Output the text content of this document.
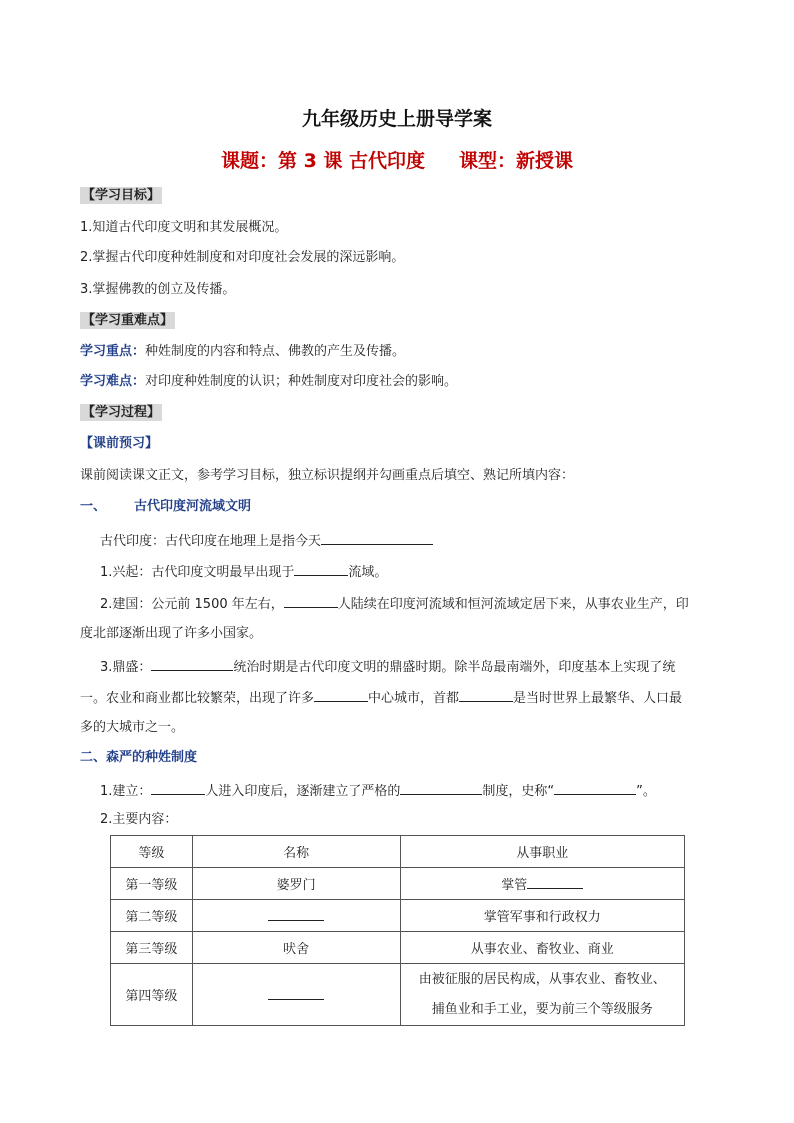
九年级历史上册导学案
课题：第 3 课 古代印度 课型：新授课
【学习目标】
1.知道古代印度文明和其发展概况。
2.掌握古代印度种姓制度和对印度社会发展的深远影响。
3.掌握佛教的创立及传播。
【学习重难点】
学习重点：种姓制度的内容和特点、佛教的产生及传播。
学习难点：对印度种姓制度的认识；种姓制度对印度社会的影响。
【学习过程】
【课前预习】
课前阅读课文正文，参考学习目标，独立标识提纲并勾画重点后填空、熟记所填内容：
一、 古代印度河流域文明
古代印度：古代印度在地理上是指今天
1.兴起：古代印度文明最早出现于	流域。
2.建国：公元前 1500 年左右，	人陆续在印度河流域和恒河流域定居下来，从事农业生产，印
度北部逐渐出现了许多小国家。
3.鼎盛：	统治时期是古代印度文明的鼎盛时期。除半岛最南端外，印度基本上实现了统
一。农业和商业都比较繁荣，出现了许多	中心城市，首都	是当时世界上最繁华、人口最
多的大城市之一。
二、森严的种姓制度
1.建立：	人进入印度后，逐渐建立了严格的	制度，史称“	”。
2.主要内容：
等级	名称	从事职业
第一等级	婆罗门	掌管
第二等级		掌管军事和行政权力
第三等级	吠舍	从事农业、畜牧业、商业
第四等级		由被征服的居民构成，从事农业、畜牧业、
捕鱼业和手工业，要为前三个等级服务
